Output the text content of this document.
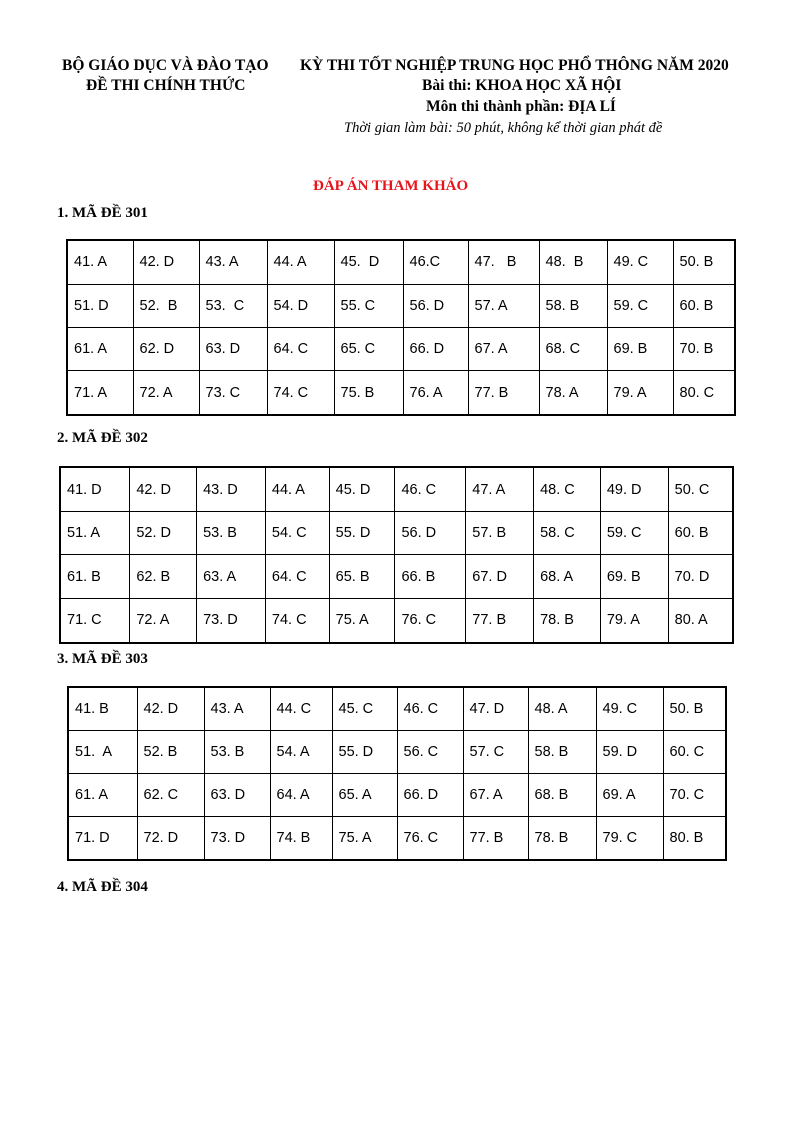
BỘ GIÁO DỤC VÀ ĐÀO TẠO
ĐỀ THI CHÍNH THỨC
KỲ THI TỐT NGHIỆP TRUNG HỌC PHỔ THÔNG NĂM 2020
Bài thi: KHOA HỌC XÃ HỘI
Môn thi thành phần: ĐỊA LÍ
Thời gian làm bài: 50 phút, không kể thời gian phát đề
ĐÁP ÁN THAM KHẢO
1. MÃ ĐỀ 301
41. A	42. D	43. A	44. A	45.  D	46.C	47.   B	48.  B	49. C	50. B
51. D	52.  B	53.  C	54. D	55. C	56. D	57. A	58. B	59. C	60. B
61. A	62. D	63. D	64. C	65. C	66. D	67. A	68. C	69. B	70. B
71. A	72. A	73. C	74. C	75. B	76. A	77. B	78. A	79. A	80. C
2. MÃ ĐỀ 302
41. D	42. D	43. D	44. A	45. D	46. C	47. A	48. C	49. D	50. C
51. A	52. D	53. B	54. C	55. D	56. D	57. B	58. C	59. C	60. B
61. B	62. B	63. A	64. C	65. B	66. B	67. D	68. A	69. B	70. D
71. C	72. A	73. D	74. C	75. A	76. C	77. B	78. B	79. A	80. A
3. MÃ ĐỀ 303
41. B	42. D	43. A	44. C	45. C	46. C	47. D	48. A	49. C	50. B
51.  A	52. B	53. B	54. A	55. D	56. C	57. C	58. B	59. D	60. C
61. A	62. C	63. D	64. A	65. A	66. D	67. A	68. B	69. A	70. C
71. D	72. D	73. D	74. B	75. A	76. C	77. B	78. B	79. C	80. B
4. MÃ ĐỀ 304
